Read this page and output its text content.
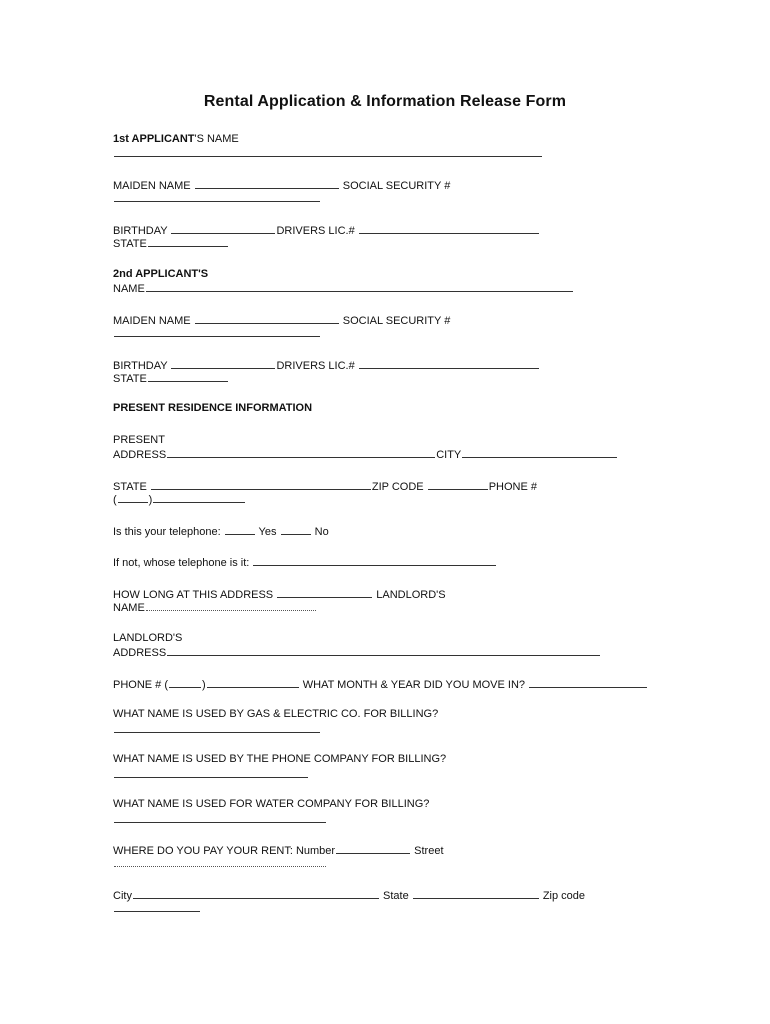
Rental Application & Information Release Form
1st APPLICANT'S NAME
MAIDEN NAME	SOCIAL SECURITY #
BIRTHDAY	DRIVERS LIC.#
STATE
2nd APPLICANT'S
NAME
MAIDEN NAME	SOCIAL SECURITY #
BIRTHDAY	DRIVERS LIC.#
STATE
PRESENT RESIDENCE INFORMATION
PRESENT
ADDRESS	CITY
STATE	ZIP CODE	PHONE #
(	)
Is this your telephone:	Yes	No
If not, whose telephone is it:
HOW LONG AT THIS ADDRESS	LANDLORD'S
NAME
LANDLORD'S
ADDRESS
PHONE # (	)	WHAT MONTH & YEAR DID YOU MOVE IN?
WHAT NAME IS USED BY GAS & ELECTRIC CO. FOR BILLING?
WHAT NAME IS USED BY THE PHONE COMPANY FOR BILLING?
WHAT NAME IS USED FOR WATER COMPANY FOR BILLING?
WHERE DO YOU PAY YOUR RENT: Number	Street
City	State	Zip code
